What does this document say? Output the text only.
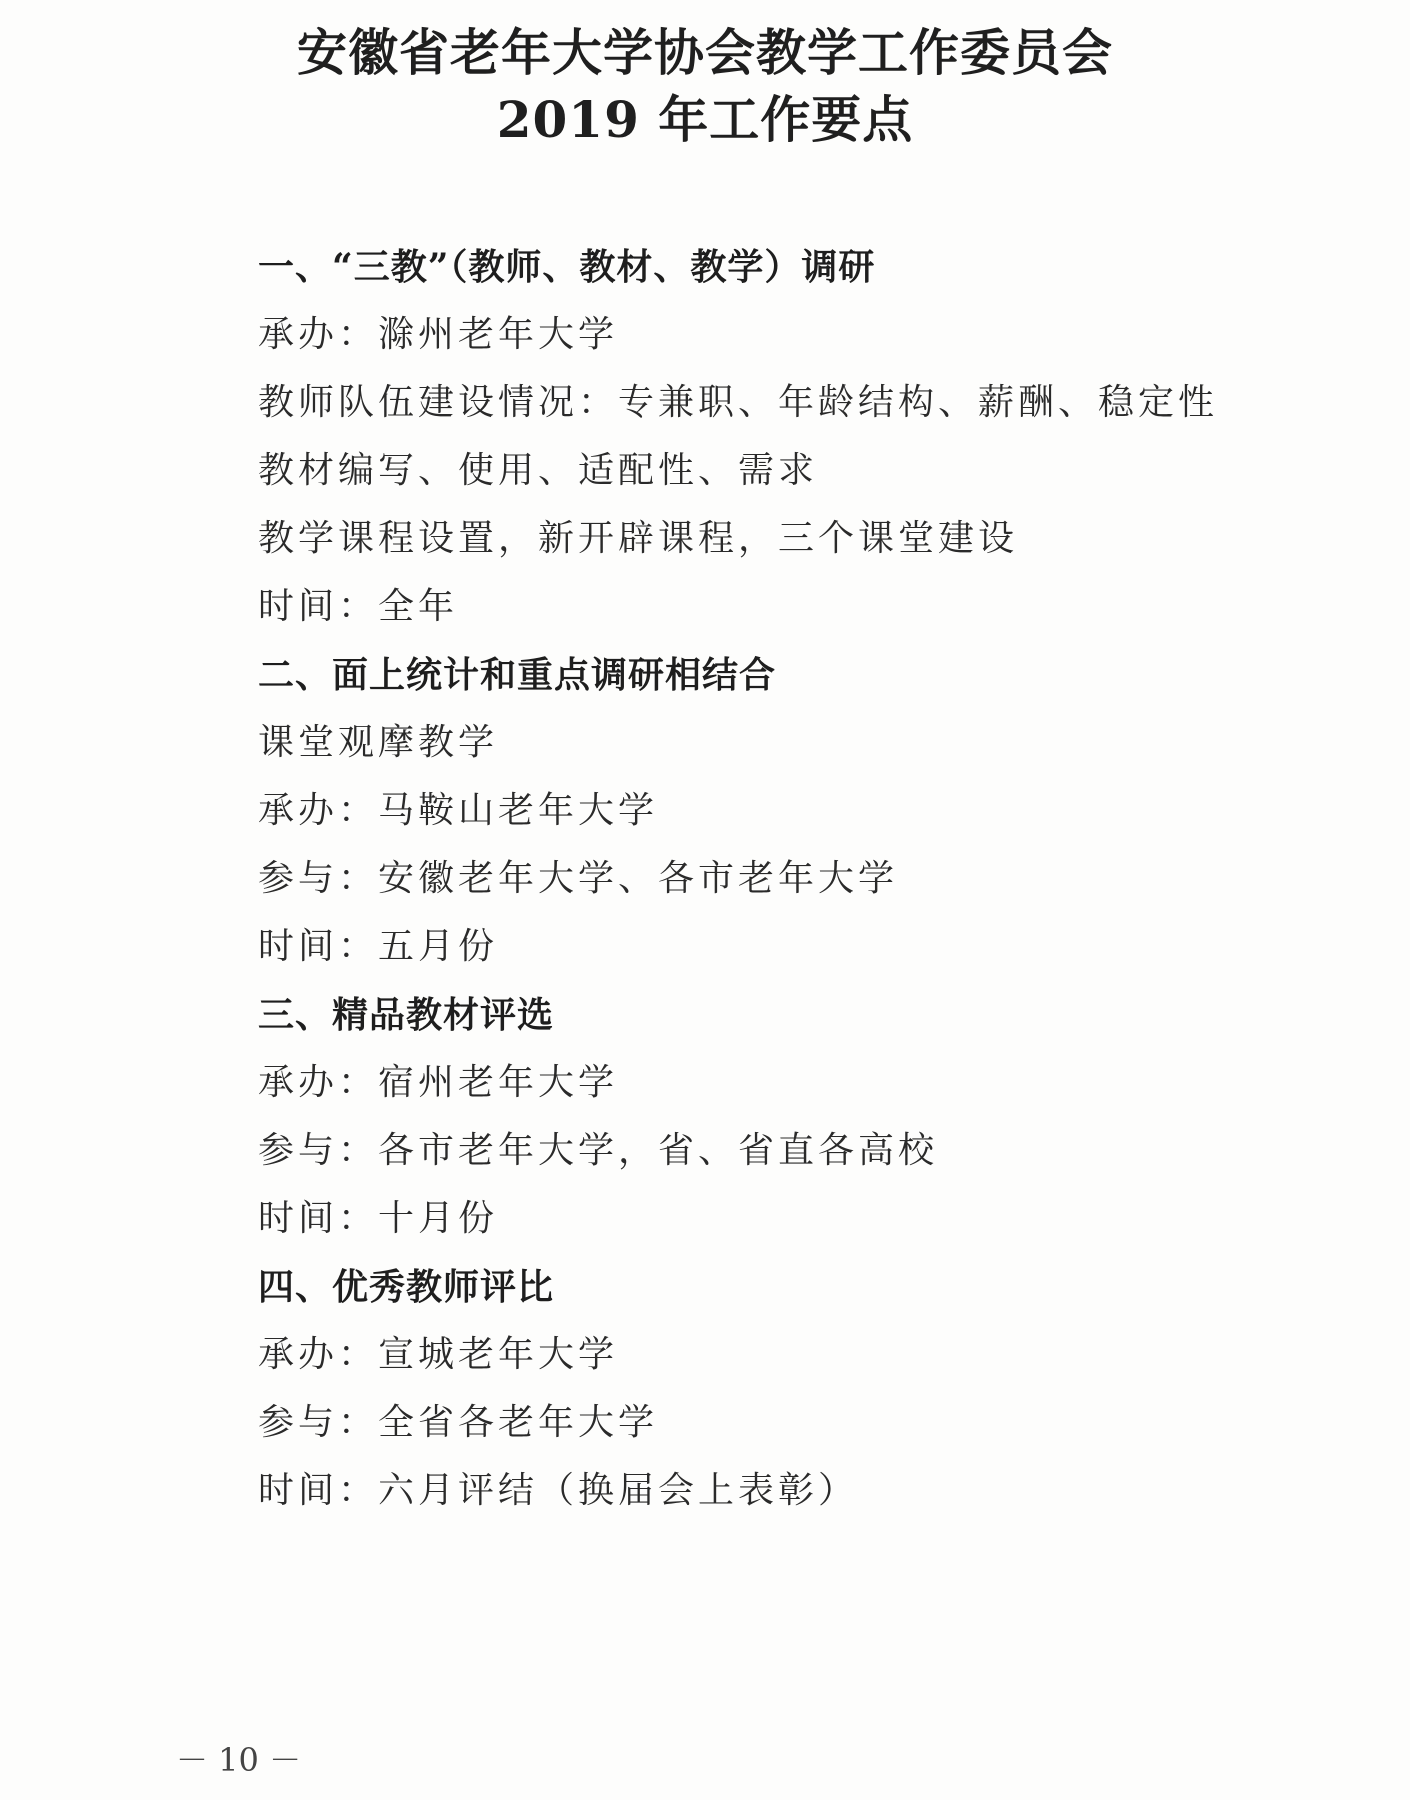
安徽省老年大学协会教学工作委员会
2019 年工作要点
一、“三教”（教师、教材、教学）调研
承办：滁州老年大学
教师队伍建设情况：专兼职、年龄结构、薪酬、稳定性
教材编写、使用、适配性、需求
教学课程设置，新开辟课程，三个课堂建设
时间：全年
二、面上统计和重点调研相结合
课堂观摩教学
承办：马鞍山老年大学
参与：安徽老年大学、各市老年大学
时间：五月份
三、精品教材评选
承办：宿州老年大学
参与：各市老年大学，省、省直各高校
时间：十月份
四、优秀教师评比
承办：宣城老年大学
参与：全省各老年大学
时间：六月评结（换届会上表彰）
－ 10 －
